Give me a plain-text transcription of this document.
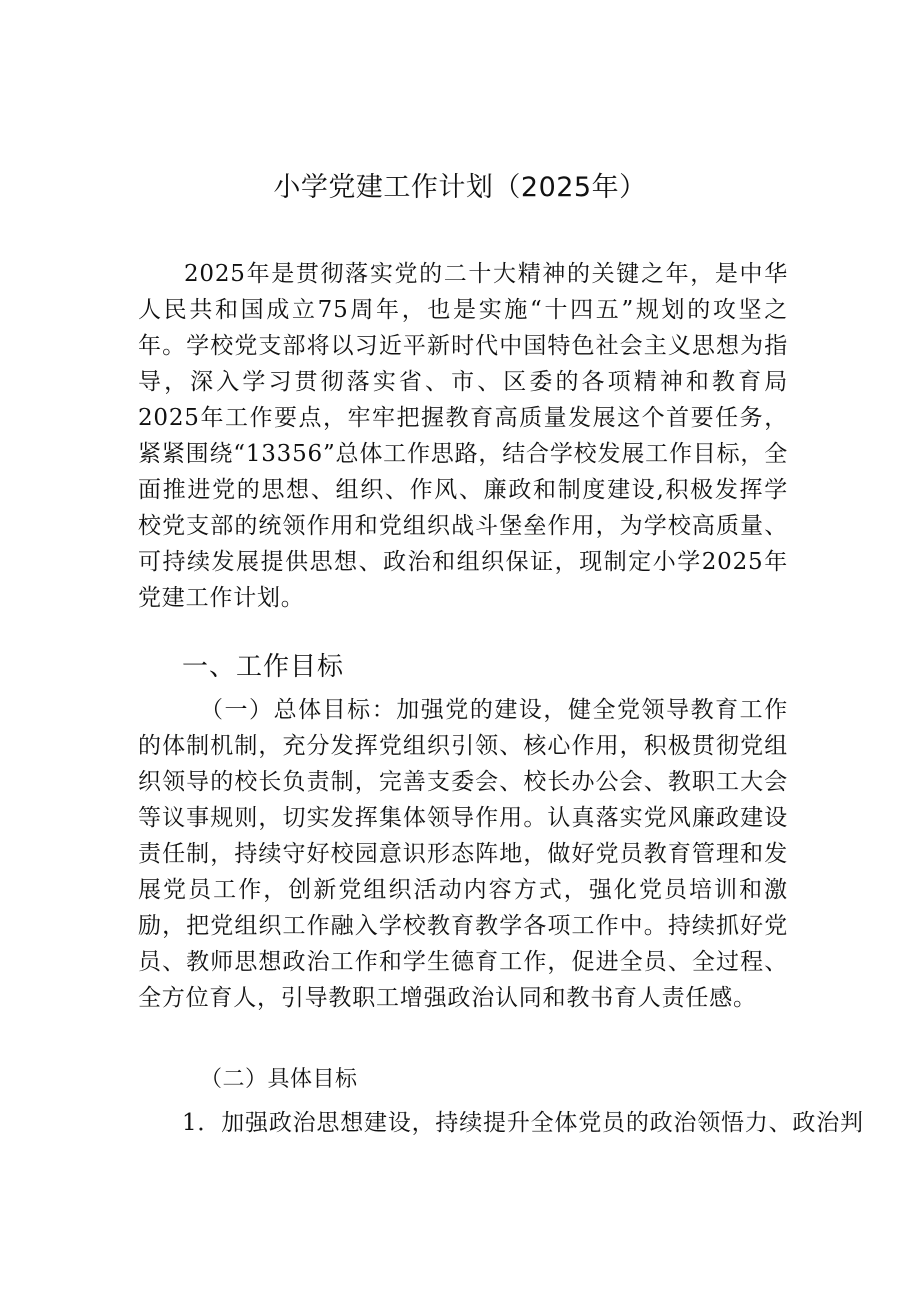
小学党建工作计划（2025年）
2025年是贯彻落实党的二十大精神的关键之年，是中华人民共和国成立75周年，也是实施“十四五”规划的攻坚之年。学校党支部将以习近平新时代中国特色社会主义思想为指导，深入学习贯彻落实省、市、区委的各项精神和教育局2025年工作要点，牢牢把握教育高质量发展这个首要任务，紧紧围绕“13356”总体工作思路，结合学校发展工作目标，全面推进党的思想、组织、作风、廉政和制度建设,积极发挥学校党支部的统领作用和党组织战斗堡垒作用，为学校高质量、可持续发展提供思想、政治和组织保证，现制定小学2025年党建工作计划。
一、工作目标
（一）总体目标：加强党的建设，健全党领导教育工作的体制机制，充分发挥党组织引领、核心作用，积极贯彻党组织领导的校长负责制，完善支委会、校长办公会、教职工大会等议事规则，切实发挥集体领导作用。认真落实党风廉政建设责任制，持续守好校园意识形态阵地，做好党员教育管理和发展党员工作，创新党组织活动内容方式，强化党员培训和激励，把党组织工作融入学校教育教学各项工作中。持续抓好党员、教师思想政治工作和学生德育工作，促进全员、全过程、全方位育人，引导教职工增强政治认同和教书育人责任感。
（二）具体目标
1．加强政治思想建设，持续提升全体党员的政治领悟力、政治判
